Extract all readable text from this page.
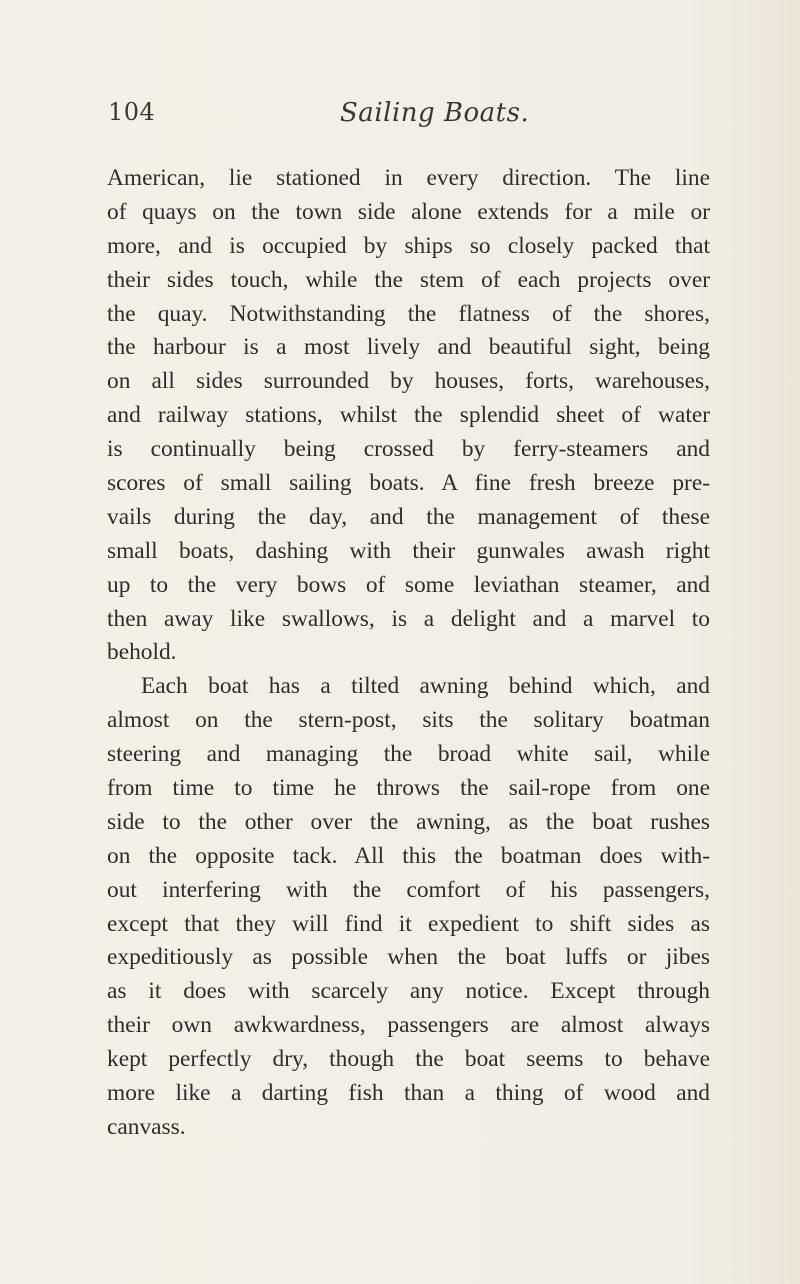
104	Sailing Boats.
American, lie stationed in every direction. The line
of quays on the town side alone extends for a mile or
more, and is occupied by ships so closely packed that
their sides touch, while the stem of each projects over
the quay. Notwithstanding the flatness of the shores,
the harbour is a most lively and beautiful sight, being
on all sides surrounded by houses, forts, warehouses,
and railway stations, whilst the splendid sheet of water
is continually being crossed by ferry-steamers and
scores of small sailing boats. A fine fresh breeze pre-
vails during the day, and the management of these
small boats, dashing with their gunwales awash right
up to the very bows of some leviathan steamer, and
then away like swallows, is a delight and a marvel to
behold.
Each boat has a tilted awning behind which, and
almost on the stern-post, sits the solitary boatman
steering and managing the broad white sail, while
from time to time he throws the sail-rope from one
side to the other over the awning, as the boat rushes
on the opposite tack. All this the boatman does with-
out interfering with the comfort of his passengers,
except that they will find it expedient to shift sides as
expeditiously as possible when the boat luffs or jibes
as it does with scarcely any notice. Except through
their own awkwardness, passengers are almost always
kept perfectly dry, though the boat seems to behave
more like a darting fish than a thing of wood and
canvass.
